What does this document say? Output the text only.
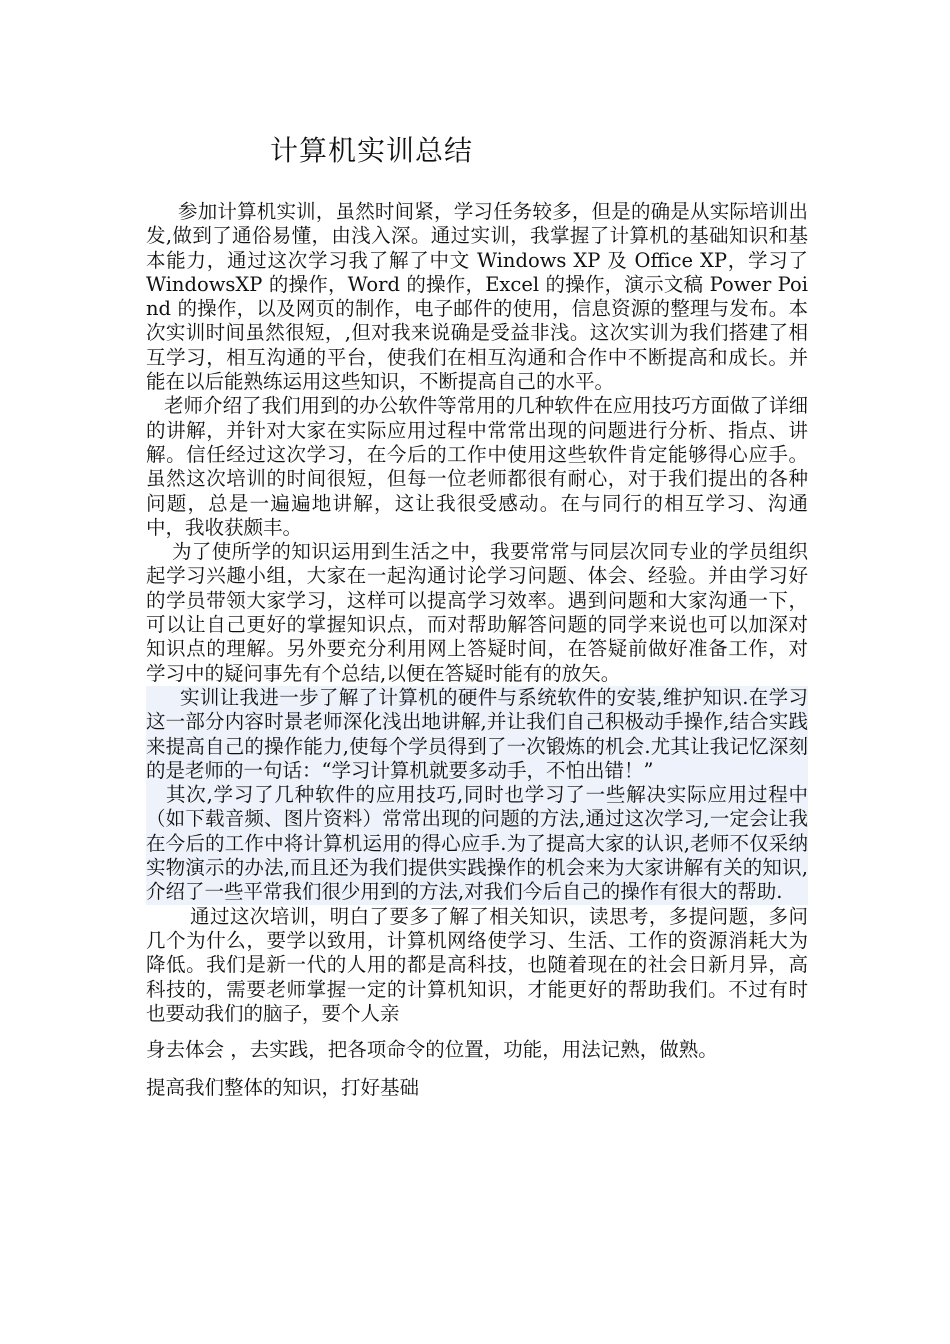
计算机实训总结

参加计算机实训，虽然时间紧，学习任务较多，但是的确是从实际培训出发,做到了通俗易懂，由浅入深。通过实训，我掌握了计算机的基础知识和基本能力，通过这次学习我了解了中文 Windows XP 及 Office XP，学习了 WindowsXP 的操作，Word 的操作，Excel 的操作，演示文稿 Power Poind 的操作，以及网页的制作，电子邮件的使用，信息资源的整理与发布。本次实训时间虽然很短，,但对我来说确是受益非浅。这次实训为我们搭建了相互学习，相互沟通的平台，使我们在相互沟通和合作中不断提高和成长。并能在以后能熟练运用这些知识，不断提高自己的水平。

老师介绍了我们用到的办公软件等常用的几种软件在应用技巧方面做了详细的讲解，并针对大家在实际应用过程中常常出现的问题进行分析、指点、讲解。信任经过这次学习，在今后的工作中使用这些软件肯定能够得心应手。虽然这次培训的时间很短，但每一位老师都很有耐心，对于我们提出的各种问题，总是一遍遍地讲解，这让我很受感动。在与同行的相互学习、沟通中，我收获颇丰。

为了使所学的知识运用到生活之中，我要常常与同层次同专业的学员组织起学习兴趣小组，大家在一起沟通讨论学习问题、体会、经验。并由学习好的学员带领大家学习，这样可以提高学习效率。遇到问题和大家沟通一下，可以让自己更好的掌握知识点，而对帮助解答问题的同学来说也可以加深对知识点的理解。另外要充分利用网上答疑时间，在答疑前做好准备工作，对学习中的疑问事先有个总结,以便在答疑时能有的放矢。

实训让我进一步了解了计算机的硬件与系统软件的安装,维护知识.在学习这一部分内容时景老师深化浅出地讲解,并让我们自己积极动手操作,结合实践来提高自己的操作能力,使每个学员得到了一次锻炼的机会.尤其让我记忆深刻的是老师的一句话：“学习计算机就要多动手，不怕出错！”

其次,学习了几种软件的应用技巧,同时也学习了一些解决实际应用过程中（如下载音频、图片资料）常常出现的问题的方法,通过这次学习,一定会让我在今后的工作中将计算机运用的得心应手.为了提高大家的认识,老师不仅采纳实物演示的办法,而且还为我们提供实践操作的机会来为大家讲解有关的知识,介绍了一些平常我们很少用到的方法,对我们今后自己的操作有很大的帮助.

通过这次培训，明白了要多了解了相关知识，读思考，多提问题，多问几个为什么，要学以致用，计算机网络使学习、生活、工作的资源消耗大为降低。我们是新一代的人用的都是高科技，也随着现在的社会日新月异，高科技的，需要老师掌握一定的计算机知识，才能更好的帮助我们。不过有时也要动我们的脑子，要个人亲

身去体会 ，去实践，把各项命令的位置，功能，用法记熟，做熟。

提高我们整体的知识，打好基础
